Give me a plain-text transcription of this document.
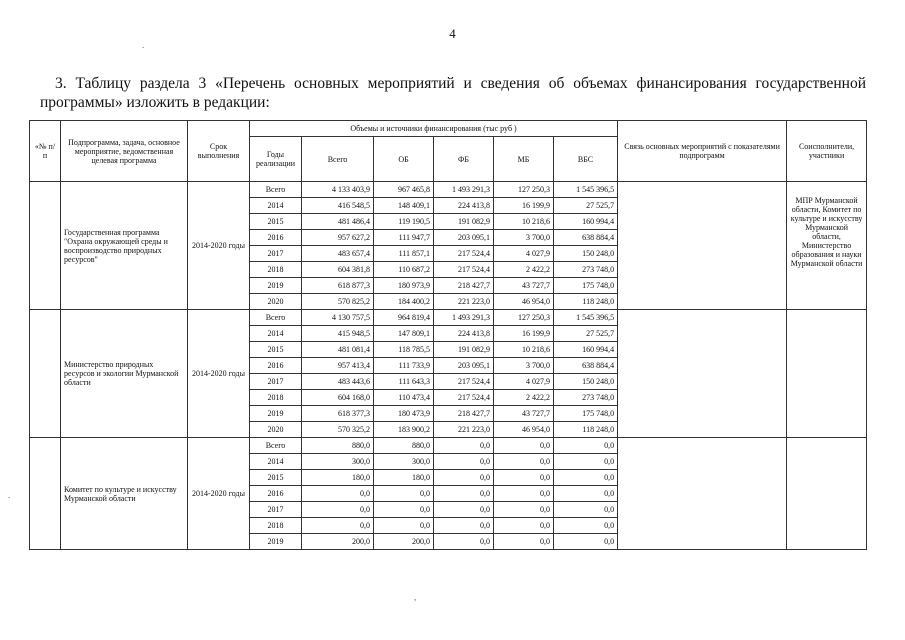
4
.
3. Таблицу раздела 3 «Перечень основных мероприятий и сведения об объемах финансирования государственной программы» изложить в редакции:
«№ п/п	Подпрограмма, задача, основное мероприятие, ведомственная целевая программа	Срок выполнения	Объемы и источники финансирования (тыс руб )						Связь основных мероприятий с показателями подпрограмм	Соисполнители, участники
			Годы реализации	Всего	ОБ	ФБ	МБ	ВБС		
	Государственная программа "Охрана окружающей среды и воспроизводство природных ресурсов"	2014-2020 годы	Всего	4 133 403,9	967 465,8	1 493 291,3	127 250,3	1 545 396,5		МПР Мурманской области, Комитет по культуре и искусству Мурманской области, Министерство образования и науки Мурманской области
			2014	416 548,5	148 409,1	224 413,8	16 199,9	27 525,7		
			2015	481 486,4	119 190,5	191 082,9	10 218,6	160 994,4		
			2016	957 627,2	111 947,7	203 095,1	3 700,0	638 884,4		
			2017	483 657,4	111 857,1	217 524,4	4 027,9	150 248,0		
			2018	604 381,8	110 687,2	217 524,4	2 422,2	273 748,0		
			2019	618 877,3	180 973,9	218 427,7	43 727,7	175 748,0		
			2020	570 825,2	184 400,2	221 223,0	46 954,0	118 248,0		
	Министерство природных ресурсов и экологии Мурманской области	2014-2020 годы	Всего	4 130 757,5	964 819,4	1 493 291,3	127 250,3	1 545 396,5		
			2014	415 948,5	147 809,1	224 413,8	16 199,9	27 525,7		
			2015	481 081,4	118 785,5	191 082,9	10 218,6	160 994,4		
			2016	957 413,4	111 733,9	203 095,1	3 700,0	638 884,4		
			2017	483 443,6	111 643,3	217 524,4	4 027,9	150 248,0		
			2018	604 168,0	110 473,4	217 524,4	2 422,2	273 748,0		
			2019	618 377,3	180 473,9	218 427,7	43 727,7	175 748,0		
			2020	570 325,2	183 900,2	221 223,0	46 954,0	118 248,0		
	Комитет по культуре и искусству Мурманской области	2014-2020 годы	Всего	880,0	880,0	0,0	0,0	0,0		
			2014	300,0	300,0	0,0	0,0	0,0		
			2015	180,0	180,0	0,0	0,0	0,0		
			2016	0,0	0,0	0,0	0,0	0,0		
			2017	0,0	0,0	0,0	0,0	0,0		
			2018	0,0	0,0	0,0	0,0	0,0		
			2019	200,0	200,0	0,0	0,0	0,0		
,
.
